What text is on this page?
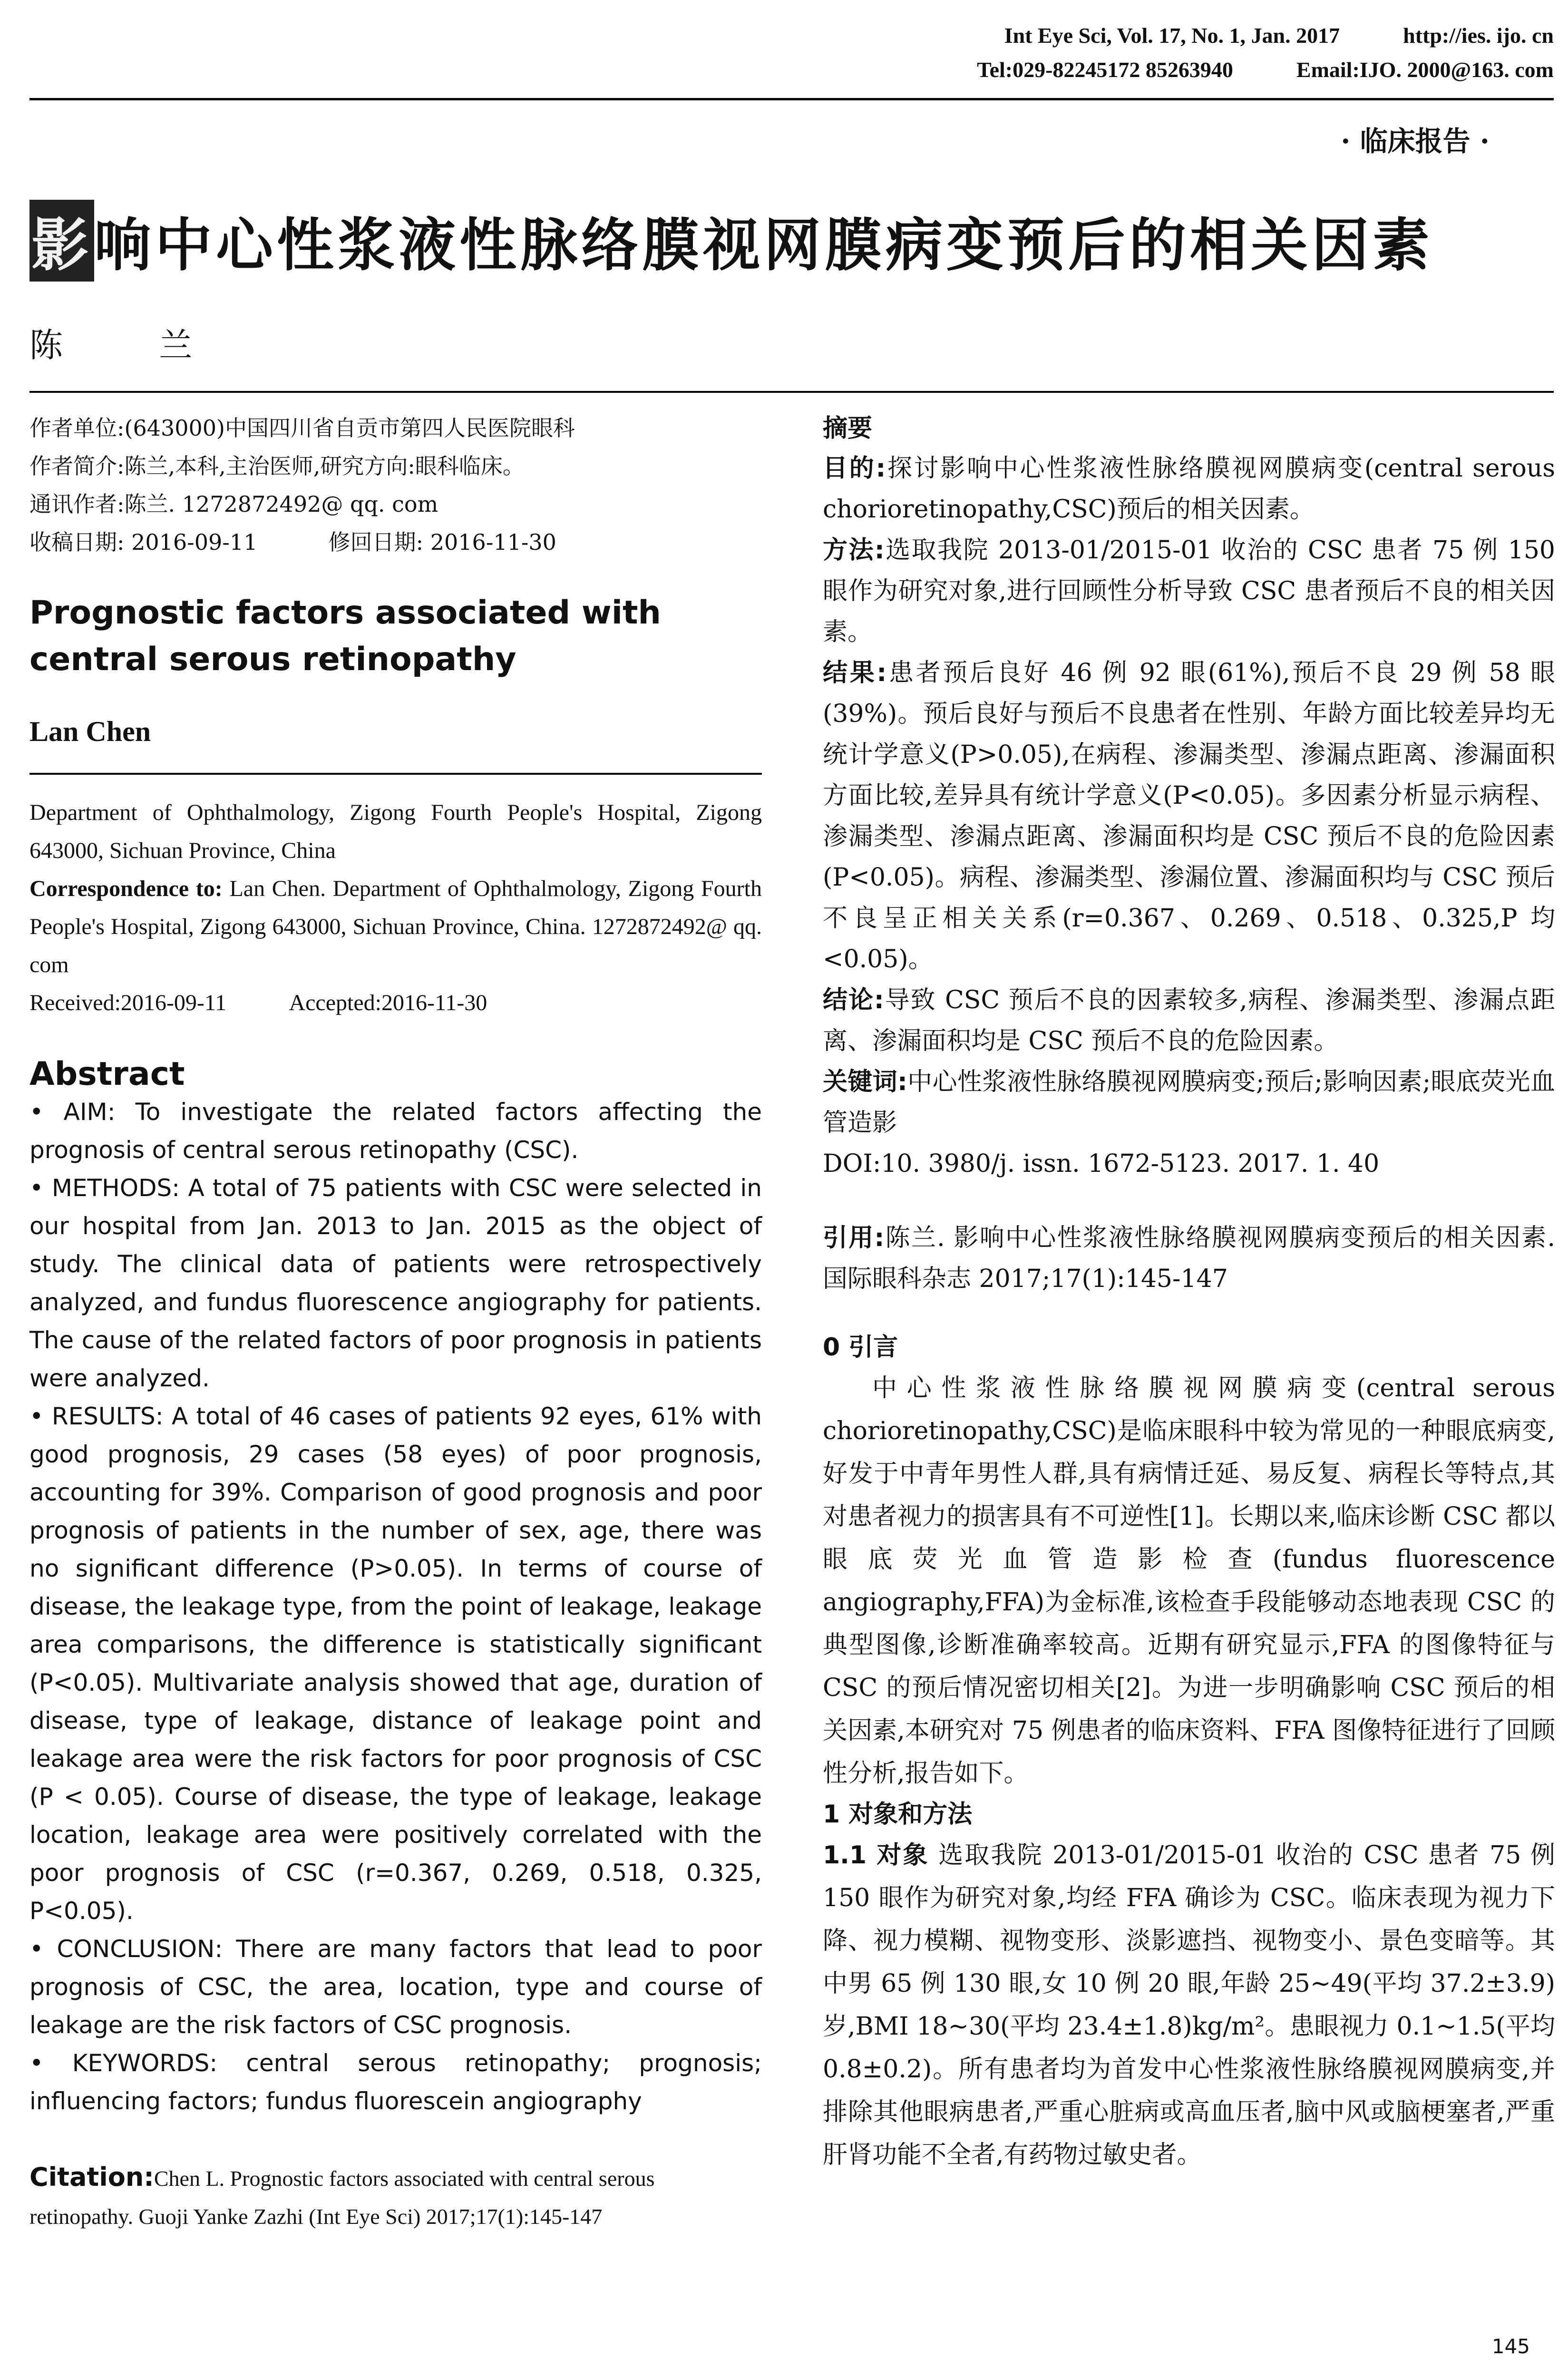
Int Eye Sci, Vol. 17, No. 1, Jan. 2017	http://ies. ijo. cn
Tel:029-82245172 85263940	Email:IJO. 2000@163. com
· 临床报告 ·
影响中心性浆液性脉络膜视网膜病变预后的相关因素
陈 兰
作者单位:(643000)中国四川省自贡市第四人民医院眼科
作者简介:陈兰,本科,主治医师,研究方向:眼科临床。
通讯作者:陈兰. 1272872492@ qq. com
收稿日期: 2016-09-11	修回日期: 2016-11-30
Prognostic factors associated with central serous retinopathy
Lan Chen
Department of Ophthalmology, Zigong Fourth People's Hospital, Zigong 643000, Sichuan Province, China
Correspondence to: Lan Chen. Department of Ophthalmology, Zigong Fourth People's Hospital, Zigong 643000, Sichuan Province, China. 1272872492@ qq. com
Received:2016-09-11	Accepted:2016-11-30
Abstract
• AIM: To investigate the related factors affecting the prognosis of central serous retinopathy (CSC).
• METHODS: A total of 75 patients with CSC were selected in our hospital from Jan. 2013 to Jan. 2015 as the object of study. The clinical data of patients were retrospectively analyzed, and fundus fluorescence angiography for patients. The cause of the related factors of poor prognosis in patients were analyzed.
• RESULTS: A total of 46 cases of patients 92 eyes, 61% with good prognosis, 29 cases (58 eyes) of poor prognosis, accounting for 39%. Comparison of good prognosis and poor prognosis of patients in the number of sex, age, there was no significant difference (P>0.05). In terms of course of disease, the leakage type, from the point of leakage, leakage area comparisons, the difference is statistically significant (P<0.05). Multivariate analysis showed that age, duration of disease, type of leakage, distance of leakage point and leakage area were the risk factors for poor prognosis of CSC (P < 0.05). Course of disease, the type of leakage, leakage location, leakage area were positively correlated with the poor prognosis of CSC (r=0.367, 0.269, 0.518, 0.325, P<0.05).
• CONCLUSION: There are many factors that lead to poor prognosis of CSC, the area, location, type and course of leakage are the risk factors of CSC prognosis.
• KEYWORDS: central serous retinopathy; prognosis; influencing factors; fundus fluorescein angiography
Citation:Chen L. Prognostic factors associated with central serous retinopathy. Guoji Yanke Zazhi (Int Eye Sci) 2017;17(1):145-147
摘要
目的:探讨影响中心性浆液性脉络膜视网膜病变(central serous chorioretinopathy,CSC)预后的相关因素。
方法:选取我院 2013-01/2015-01 收治的 CSC 患者 75 例 150 眼作为研究对象,进行回顾性分析导致 CSC 患者预后不良的相关因素。
结果:患者预后良好 46 例 92 眼(61%),预后不良 29 例 58 眼(39%)。预后良好与预后不良患者在性别、年龄方面比较差异均无统计学意义(P>0.05),在病程、渗漏类型、渗漏点距离、渗漏面积方面比较,差异具有统计学意义(P<0.05)。多因素分析显示病程、渗漏类型、渗漏点距离、渗漏面积均是 CSC 预后不良的危险因素(P<0.05)。病程、渗漏类型、渗漏位置、渗漏面积均与 CSC 预后不良呈正相关关系(r=0.367、0.269、0.518、0.325,P 均<0.05)。
结论:导致 CSC 预后不良的因素较多,病程、渗漏类型、渗漏点距离、渗漏面积均是 CSC 预后不良的危险因素。
关键词:中心性浆液性脉络膜视网膜病变;预后;影响因素;眼底荧光血管造影
DOI:10. 3980/j. issn. 1672-5123. 2017. 1. 40
引用:陈兰. 影响中心性浆液性脉络膜视网膜病变预后的相关因素. 国际眼科杂志 2017;17(1):145-147
0 引言
中心性浆液性脉络膜视网膜病变(central serous chorioretinopathy,CSC)是临床眼科中较为常见的一种眼底病变,好发于中青年男性人群,具有病情迁延、易反复、病程长等特点,其对患者视力的损害具有不可逆性[1]。长期以来,临床诊断 CSC 都以眼底荧光血管造影检查(fundus fluorescence angiography,FFA)为金标准,该检查手段能够动态地表现 CSC 的典型图像,诊断准确率较高。近期有研究显示,FFA 的图像特征与 CSC 的预后情况密切相关[2]。为进一步明确影响 CSC 预后的相关因素,本研究对 75 例患者的临床资料、FFA 图像特征进行了回顾性分析,报告如下。
1 对象和方法
1.1 对象 选取我院 2013-01/2015-01 收治的 CSC 患者 75 例 150 眼作为研究对象,均经 FFA 确诊为 CSC。临床表现为视力下降、视力模糊、视物变形、淡影遮挡、视物变小、景色变暗等。其中男 65 例 130 眼,女 10 例 20 眼,年龄 25~49(平均 37.2±3.9)岁,BMI 18~30(平均 23.4±1.8)kg/m²。患眼视力 0.1~1.5(平均 0.8±0.2)。所有患者均为首发中心性浆液性脉络膜视网膜病变,并排除其他眼病患者,严重心脏病或高血压者,脑中风或脑梗塞者,严重肝肾功能不全者,有药物过敏史者。
145
